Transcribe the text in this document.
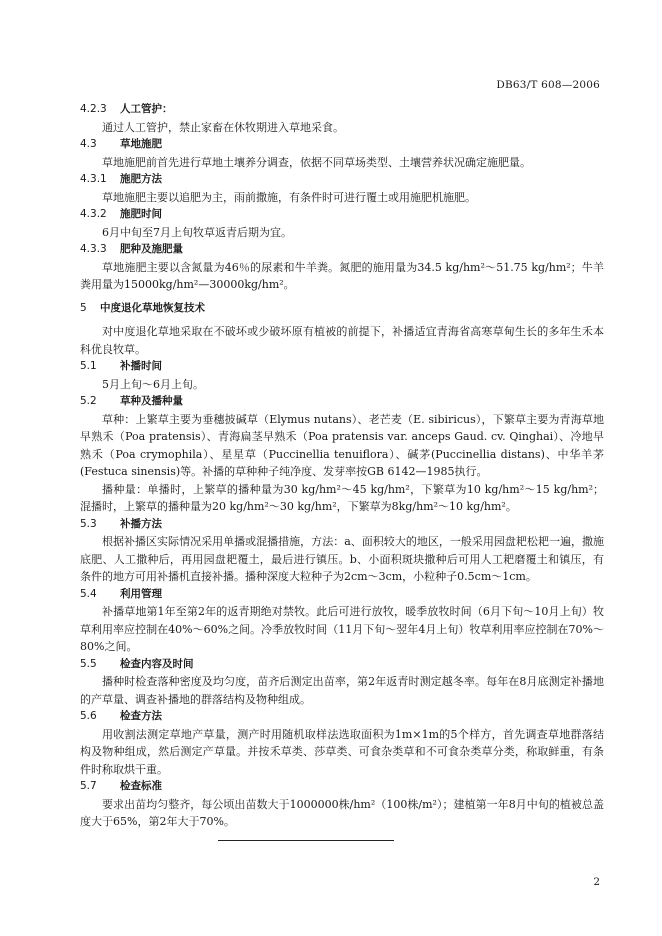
DB63/T 608—2006

4.2.3 人工管护：

通过人工管护，禁止家畜在休牧期进入草地采食。

4.3 草地施肥

草地施肥前首先进行草地土壤养分调查，依据不同草场类型、土壤营养状况确定施肥量。

4.3.1 施肥方法

草地施肥主要以追肥为主，雨前撒施，有条件时可进行覆土或用施肥机施肥。

4.3.2 施肥时间

6月中旬至7月上旬牧草返青后期为宜。

4.3.3 肥种及施肥量

草地施肥主要以含氮量为46％的尿素和牛羊粪。氮肥的施用量为34.5 kg/hm²～51.75 kg/hm²；牛羊粪用量为15000kg/hm²—30000kg/hm²。

5 中度退化草地恢复技术

对中度退化草地采取在不破坏或少破坏原有植被的前提下，补播适宜青海省高寒草甸生长的多年生禾本科优良牧草。

5.1 补播时间

5月上旬～6月上旬。

5.2 草种及播种量

草种：上繁草主要为垂穗披碱草（Elymus nutans）、老芒麦（E. sibiricus），下繁草主要为青海草地早熟禾（Poa pratensis）、青海扁茎早熟禾（Poa pratensis var. anceps Gaud. cv. Qinghai）、冷地早熟禾（Poa crymophila）、星星草（Puccinellia tenuiflora）、碱茅(Puccinellia distans)、中华羊茅(Festuca sinensis)等。补播的草种种子纯净度、发芽率按GB 6142—1985执行。

播种量：单播时，上繁草的播种量为30 kg/hm²～45 kg/hm²，下繁草为10 kg/hm²～15 kg/hm²；混播时，上繁草的播种量为20 kg/hm²～30 kg/hm²，下繁草为8kg/hm²～10 kg/hm²。

5.3 补播方法

根据补播区实际情况采用单播或混播措施，方法：a、面积较大的地区，一般采用园盘耙松耙一遍，撒施底肥、人工撒种后，再用园盘耙覆土，最后进行镇压。b、小面积斑块撒种后可用人工耙磨覆土和镇压，有条件的地方可用补播机直接补播。播种深度大粒种子为2cm～3cm，小粒种子0.5cm～1cm。

5.4 利用管理

补播草地第1年至第2年的返青期绝对禁牧。此后可进行放牧，暖季放牧时间（6月下旬～10月上旬）牧草利用率应控制在40%～60%之间。冷季放牧时间（11月下旬～翌年4月上旬）牧草利用率应控制在70%～80%之间。

5.5 检查内容及时间

播种时检查落种密度及均匀度，苗齐后测定出苗率，第2年返青时测定越冬率。每年在8月底测定补播地的产草量、调查补播地的群落结构及物种组成。

5.6 检查方法

用收割法测定草地产草量，测产时用随机取样法选取面积为1m×1m的5个样方，首先调查草地群落结构及物种组成，然后测定产草量。并按禾草类、莎草类、可食杂类草和不可食杂类草分类，称取鲜重，有条件时称取烘干重。

5.7 检查标准

要求出苗均匀整齐，每公顷出苗数大于1000000株/hm²（100株/m²）；建植第一年8月中旬的植被总盖度大于65%，第2年大于70%。

2
